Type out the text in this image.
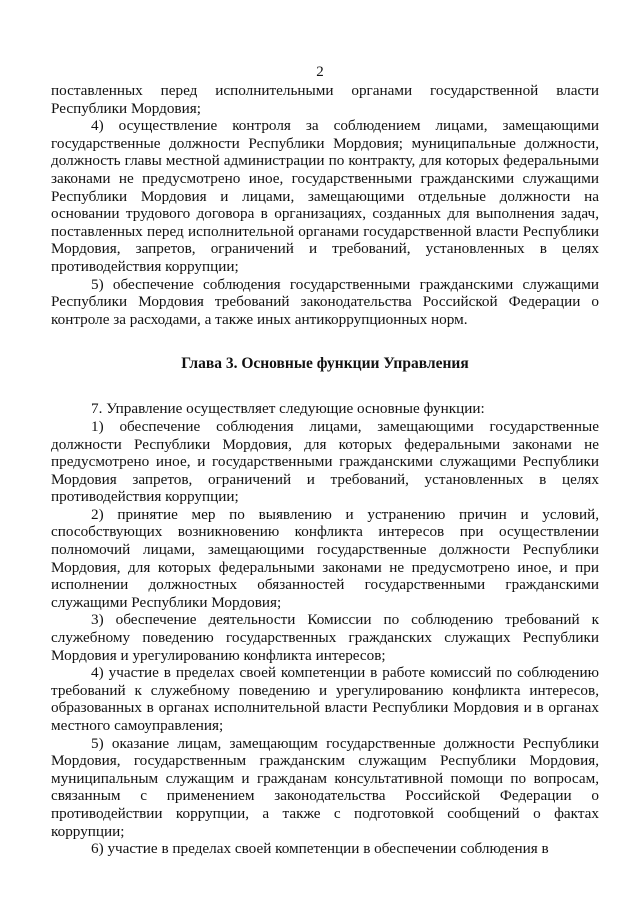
2

поставленных перед исполнительными органами государственной власти Республики Мордовия;

4) осуществление контроля за соблюдением лицами, замещающими государственные должности Республики Мордовия; муниципальные должности, должность главы местной администрации по контракту, для которых федеральными законами не предусмотрено иное, государственными гражданскими служащими Республики Мордовия и лицами, замещающими отдельные должности на основании трудового договора в организациях, созданных для выполнения задач, поставленных перед исполнительной органами государственной власти Республики Мордовия, запретов, ограничений и требований, установленных в целях противодействия коррупции;

5) обеспечение соблюдения государственными гражданскими служащими Республики Мордовия требований законодательства Российской Федерации о контроле за расходами, а также иных антикоррупционных норм.

Глава 3. Основные функции Управления

7. Управление осуществляет следующие основные функции:

1) обеспечение соблюдения лицами, замещающими государственные должности Республики Мордовия, для которых федеральными законами не предусмотрено иное, и государственными гражданскими служащими Республики Мордовия запретов, ограничений и требований, установленных в целях противодействия коррупции;

2) принятие мер по выявлению и устранению причин и условий, способствующих возникновению конфликта интересов при осуществлении полномочий лицами, замещающими государственные должности Республики Мордовия, для которых федеральными законами не предусмотрено иное, и при исполнении должностных обязанностей государственными гражданскими служащими Республики Мордовия;

3) обеспечение деятельности Комиссии по соблюдению требований к служебному поведению государственных гражданских служащих Республики Мордовия и урегулированию конфликта интересов;

4) участие в пределах своей компетенции в работе комиссий по соблюдению требований к служебному поведению и урегулированию конфликта интересов, образованных в органах исполнительной власти Республики Мордовия и в органах местного самоуправления;

5) оказание лицам, замещающим государственные должности Республики Мордовия, государственным гражданским служащим Республики Мордовия, муниципальным служащим и гражданам консультативной помощи по вопросам, связанным с применением законодательства Российской Федерации о противодействии коррупции, а также с подготовкой сообщений о фактах коррупции;

6) участие в пределах своей компетенции в обеспечении соблюдения в
